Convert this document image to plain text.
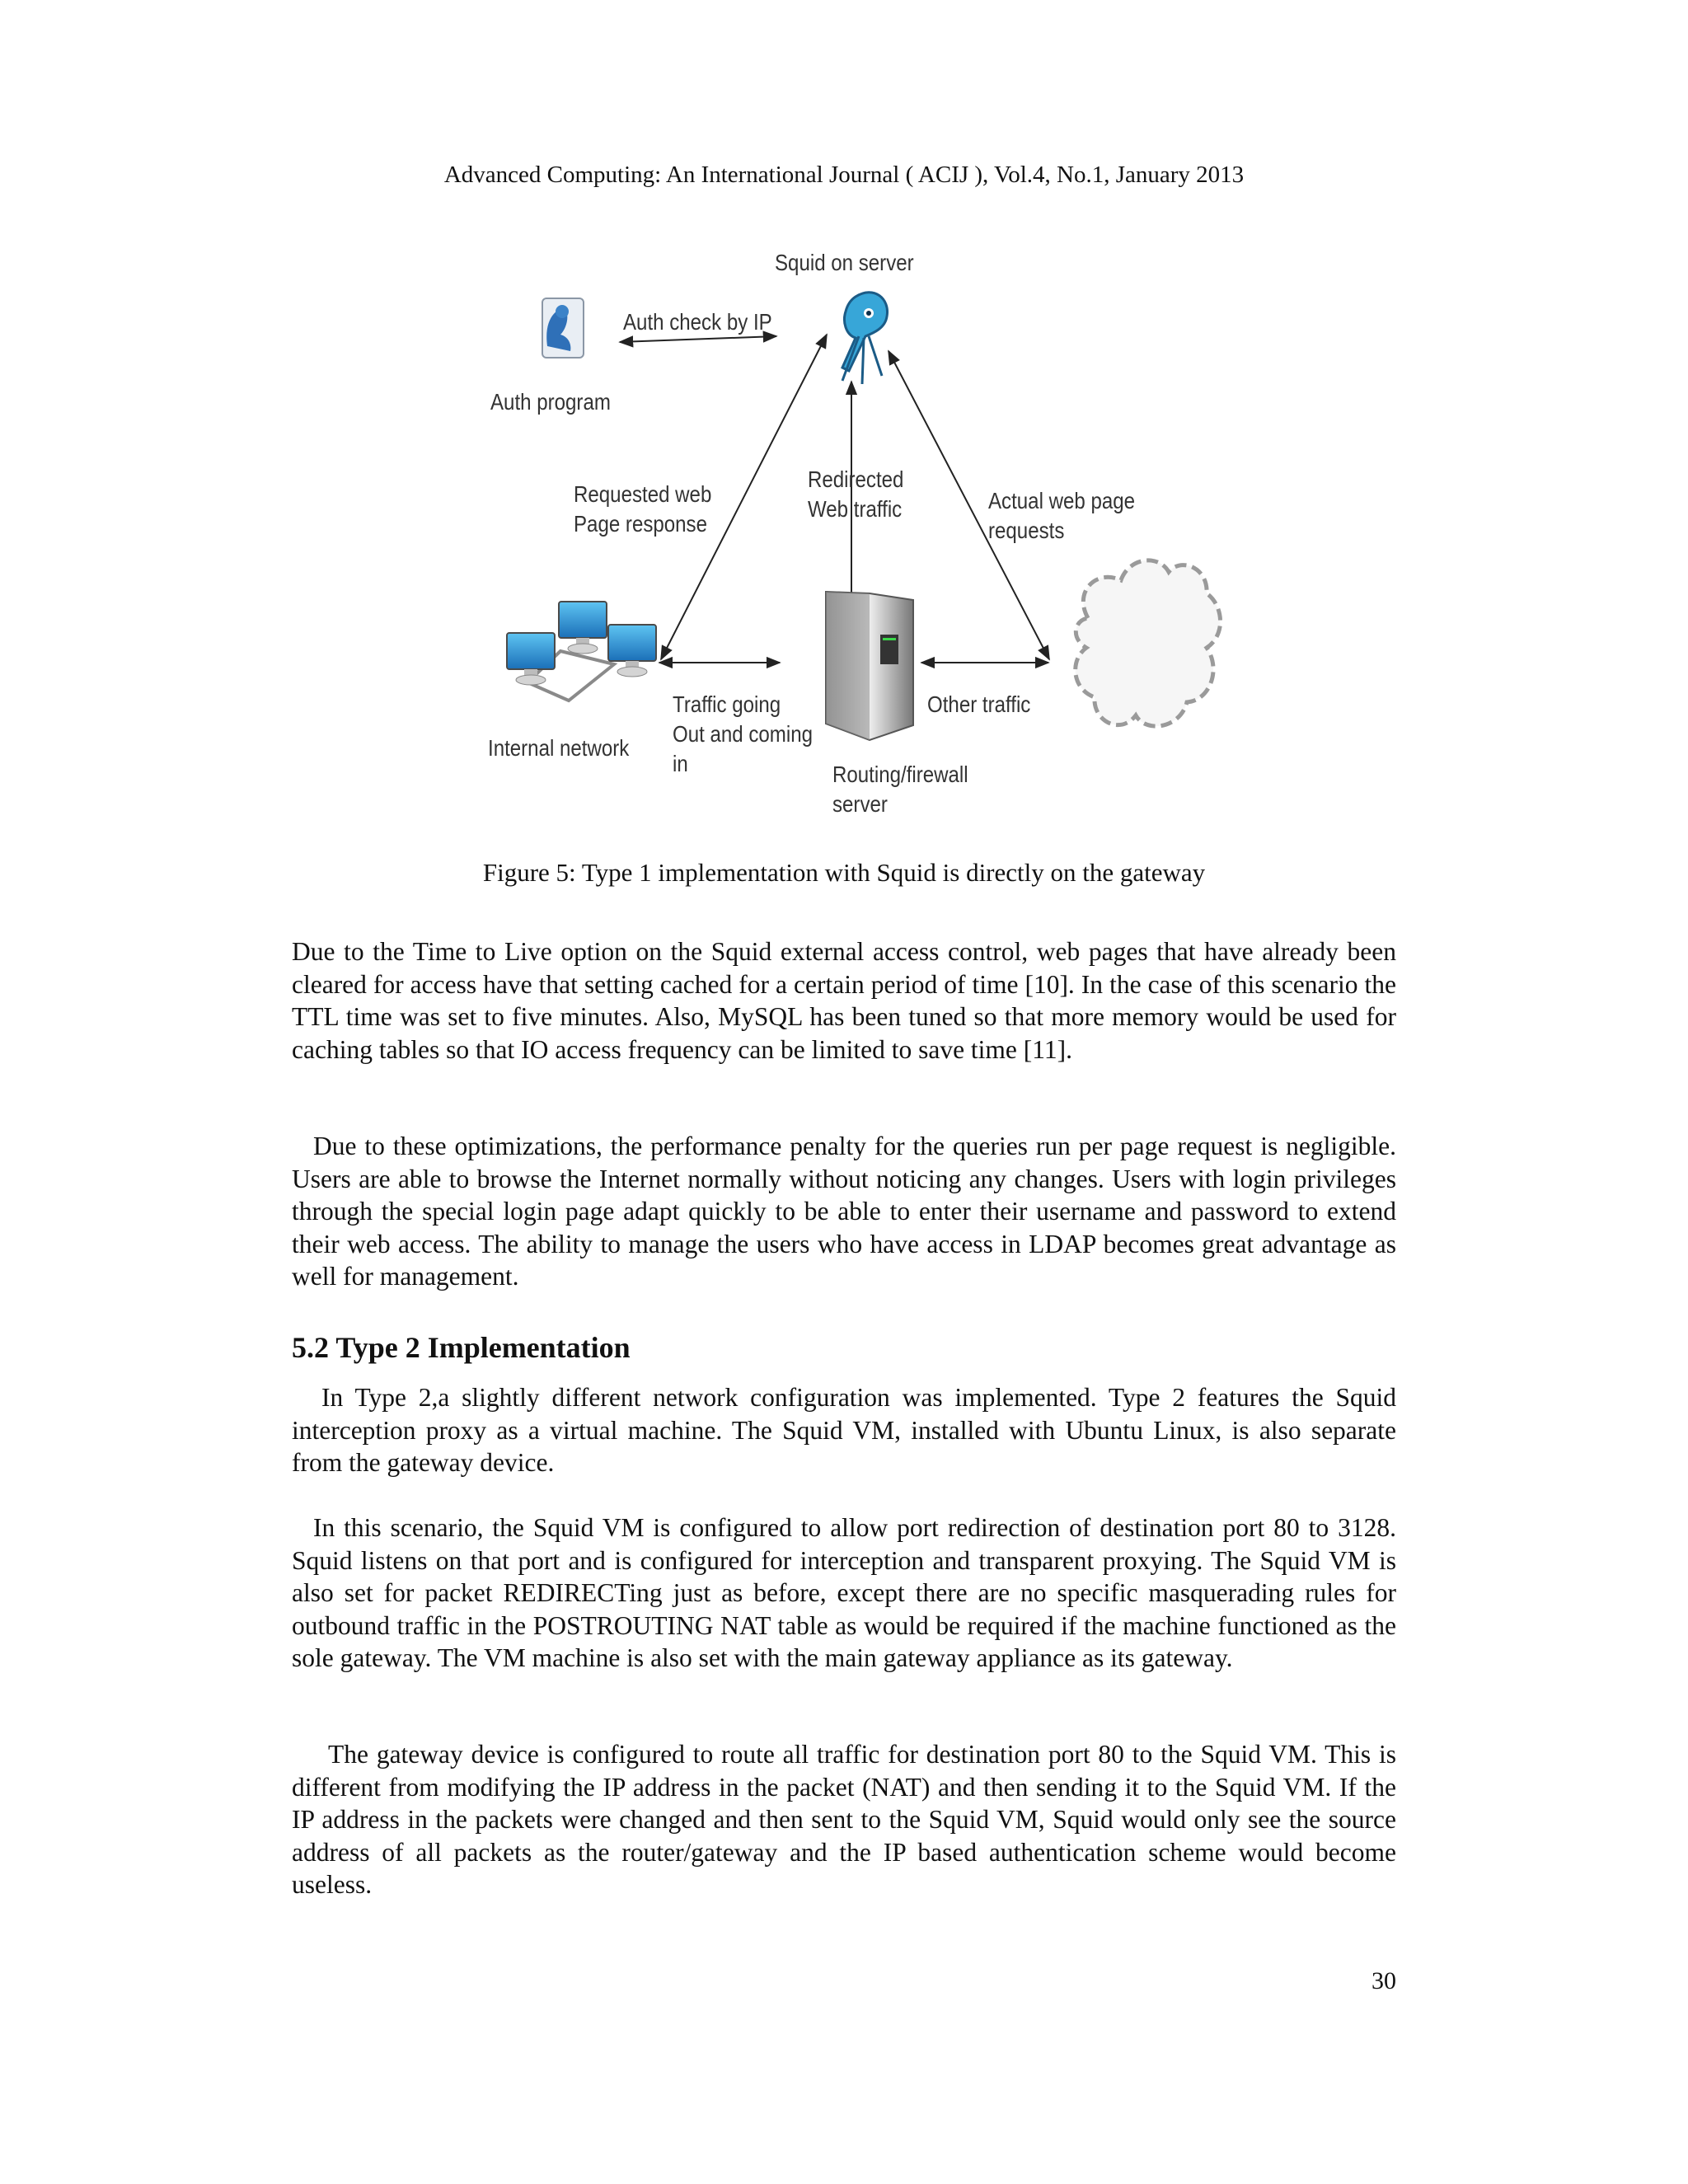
Advanced Computing: An International Journal ( ACIJ ), Vol.4, No.1, January 2013
Squid on server
Auth check by IP
Auth program
Requested web
Page response
Redirected
Web traffic	Actual web page
requests
Internal network
Traffic going
Out and coming
in	Routing/firewall
server
Other traffic
Figure 5: Type 1 implementation with Squid is directly on the gateway

Due to the Time to Live option on the Squid external access control, web pages that have already been cleared for access have that setting cached for a certain period of time [10]. In the case of this scenario the TTL time was set to five minutes. Also, MySQL has been tuned so that more memory would be used for caching tables so that IO access frequency can be limited to save time [11].

Due to these optimizations, the performance penalty for the queries run per page request is negligible. Users are able to browse the Internet normally without noticing any changes. Users with login privileges through the special login page adapt quickly to be able to enter their username and password to extend their web access. The ability to manage the users who have access in LDAP becomes great advantage as well for management.

5.2 Type 2 Implementation

In Type 2,a slightly different network configuration was implemented. Type 2 features the Squid interception proxy as a virtual machine. The Squid VM, installed with Ubuntu Linux, is also separate from the gateway device.

In this scenario, the Squid VM is configured to allow port redirection of destination port 80 to 3128. Squid listens on that port and is configured for interception and transparent proxying. The Squid VM is also set for packet REDIRECTing just as before, except there are no specific masquerading rules for outbound traffic in the POSTROUTING NAT table as would be required if the machine functioned as the sole gateway. The VM machine is also set with the main gateway appliance as its gateway.

The gateway device is configured to route all traffic for destination port 80 to the Squid VM. This is different from modifying the IP address in the packet (NAT) and then sending it to the Squid VM. If the IP address in the packets were changed and then sent to the Squid VM, Squid would only see the source address of all packets as the router/gateway and the IP based authentication scheme would become useless.

30
